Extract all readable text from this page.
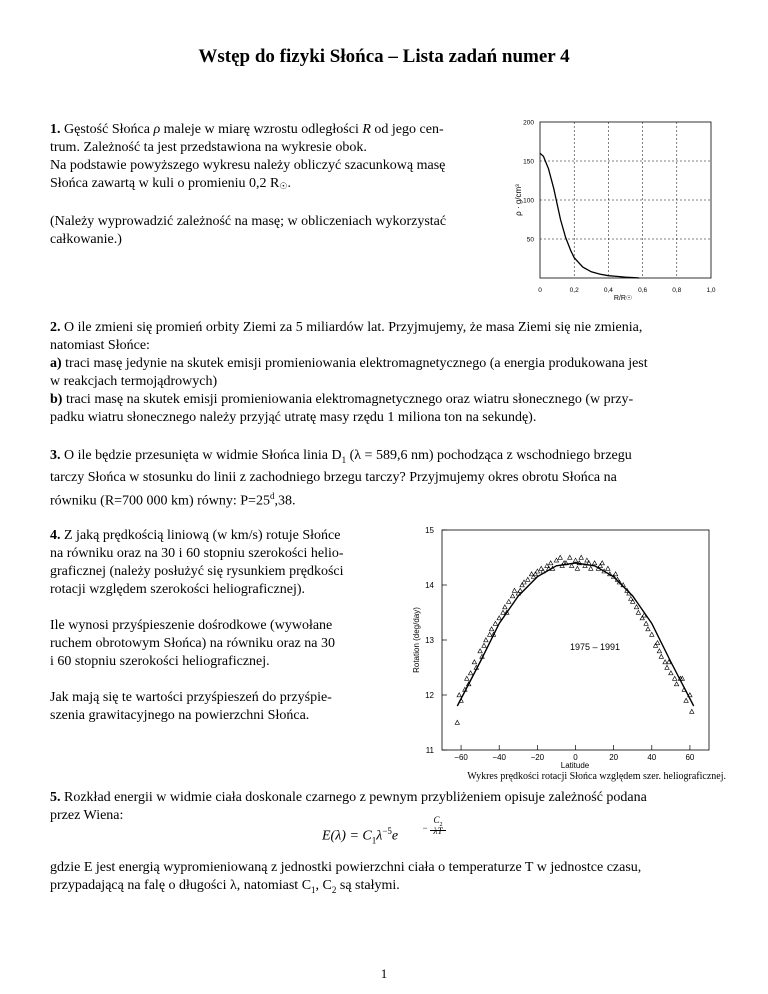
Wstęp do fizyki Słońca – Lista zadań numer 4
1. Gęstość Słońca ρ maleje w miarę wzrostu odległości R od jego cen-
trum. Zależność ta jest przedstawiona na wykresie obok.
Na podstawie powyższego wykresu należy obliczyć szacunkową masę
Słońca zawartą w kuli o promieniu 0,2 R☉.
(Należy wyprowadzić zależność na masę; w obliczeniach wykorzystać
całkowanie.)	50
100
150
200
0	0,2	0,4	0,6	0,8	1,0
R/R☉
ρ · g/cm³
2. O ile zmieni się promień orbity Ziemi za 5 miliardów lat. Przyjmujemy, że masa Ziemi się nie zmienia,
natomiast Słońce:
a) traci masę jedynie na skutek emisji promieniowania elektromagnetycznego (a energia produkowana jest
w reakcjach termojądrowych)
b) traci masę na skutek emisji promieniowania elektromagnetycznego oraz wiatru słonecznego (w przy-
padku wiatru słonecznego należy przyjąć utratę masy rzędu 1 miliona ton na sekundę).
3. O ile będzie przesunięta w widmie Słońca linia $D_1$ (λ = 589,6 nm) pochodząca z wschodniego brzegu
tarczy Słońca w stosunku do linii z zachodniego brzegu tarczy? Przyjmujemy okres obrotu Słońca na
równiku (R=700 000 km) równy: $P=25^d,38$.
4. Z jaką prędkością liniową (w km/s) rotuje Słońce
na równiku oraz na 30 i 60 stopniu szerokości helio-
graficznej (należy posłużyć się rysunkiem prędkości
rotacji względem szerokości heliograficznej).
Ile wynosi przyśpieszenie dośrodkowe (wywołane
ruchem obrotowym Słońca) na równiku oraz na 30
i 60 stopniu szerokości heliograficznej.
Jak mają się te wartości przyśpieszeń do przyśpie-
szenia grawitacyjnego na powierzchni Słońca.
11
12
13
14
15
−60	−40	−20	0	20	40	60
1975 – 1991
Latitude
Rotation (deg/day)
Wykres prędkości rotacji Słońca względem szer. heliograficznej.
5. Rozkład energii w widmie ciała doskonale czarnego z pewnym przybliżeniem opisuje zależność podana
przez Wiena:
$E(\lambda) = C_1\lambda^{-5}e$
−
$C_2$
λT
gdzie E jest energią wypromieniowaną z jednostki powierzchni ciała o temperaturze T w jednostce czasu,
przypadającą na falę o długości λ, natomiast $C_1$, $C_2$ są stałymi.
1
